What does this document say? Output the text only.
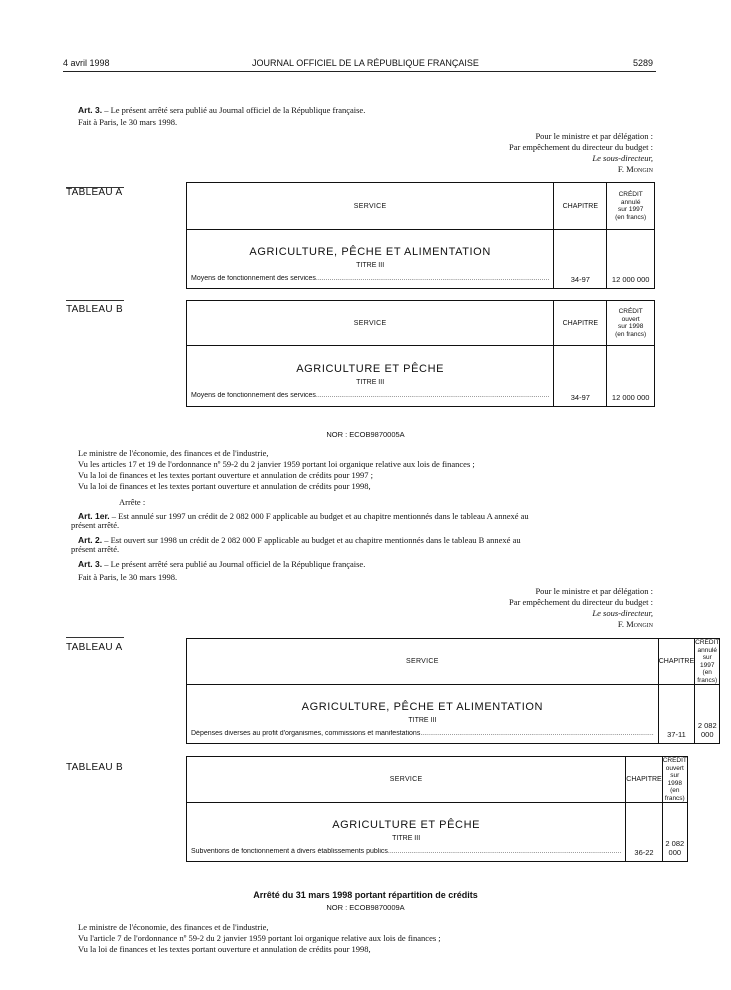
4 avril 1998	JOURNAL OFFICIEL DE LA RÉPUBLIQUE FRANÇAISE	5289
Art. 3. – Le présent arrêté sera publié au Journal officiel de la République française.
Fait à Paris, le 30 mars 1998.
Pour le ministre et par délégation :
Par empêchement du directeur du budget :
Le sous-directeur,
F. Mongin
TABLEAU A
SERVICE	CHAPITRE	CRÉDIT
annulé
sur 1997
(en francs)

AGRICULTURE, PÊCHE ET ALIMENTATION
TITRE III
Moyens de fonctionnement des services........................................................................................................................	34-97	12 000 000
TABLEAU B
SERVICE	CHAPITRE	CRÉDIT
ouvert
sur 1998
(en francs)

AGRICULTURE ET PÊCHE
TITRE III
Moyens de fonctionnement des services........................................................................................................................	34-97	12 000 000
NOR : ECOB9870005A
Le ministre de l'économie, des finances et de l'industrie,
Vu les articles 17 et 19 de l'ordonnance nº 59-2 du 2 janvier 1959 portant loi organique relative aux lois de finances ;
Vu la loi de finances et les textes portant ouverture et annulation de crédits pour 1997 ;
Vu la loi de finances et les textes portant ouverture et annulation de crédits pour 1998,
Arrête :
Art. 1er. – Est annulé sur 1997 un crédit de 2 082 000 F applicable au budget et au chapitre mentionnés dans le tableau A annexé au
présent arrêté.
Art. 2. – Est ouvert sur 1998 un crédit de 2 082 000 F applicable au budget et au chapitre mentionnés dans le tableau B annexé au
présent arrêté.
Art. 3. – Le présent arrêté sera publié au Journal officiel de la République française.
Fait à Paris, le 30 mars 1998.
Pour le ministre et par délégation :
Par empêchement du directeur du budget :
Le sous-directeur,
F. Mongin
TABLEAU A
SERVICE	CHAPITRE	CRÉDIT
annulé
sur 1997
(en francs)

AGRICULTURE, PÊCHE ET ALIMENTATION
TITRE III
Dépenses diverses au profit d'organismes, commissions et manifestations........................................................................................................................	37-11	2 082 000
TABLEAU B
SERVICE	CHAPITRE	CRÉDIT
ouvert
sur 1998
(en francs)

AGRICULTURE ET PÊCHE
TITRE III
Subventions de fonctionnement à divers établissements publics........................................................................................................................	36-22	2 082 000
Arrêté du 31 mars 1998 portant répartition de crédits
NOR : ECOB9870009A
Le ministre de l'économie, des finances et de l'industrie,
Vu l'article 7 de l'ordonnance nº 59-2 du 2 janvier 1959 portant loi organique relative aux lois de finances ;
Vu la loi de finances et les textes portant ouverture et annulation de crédits pour 1998,
